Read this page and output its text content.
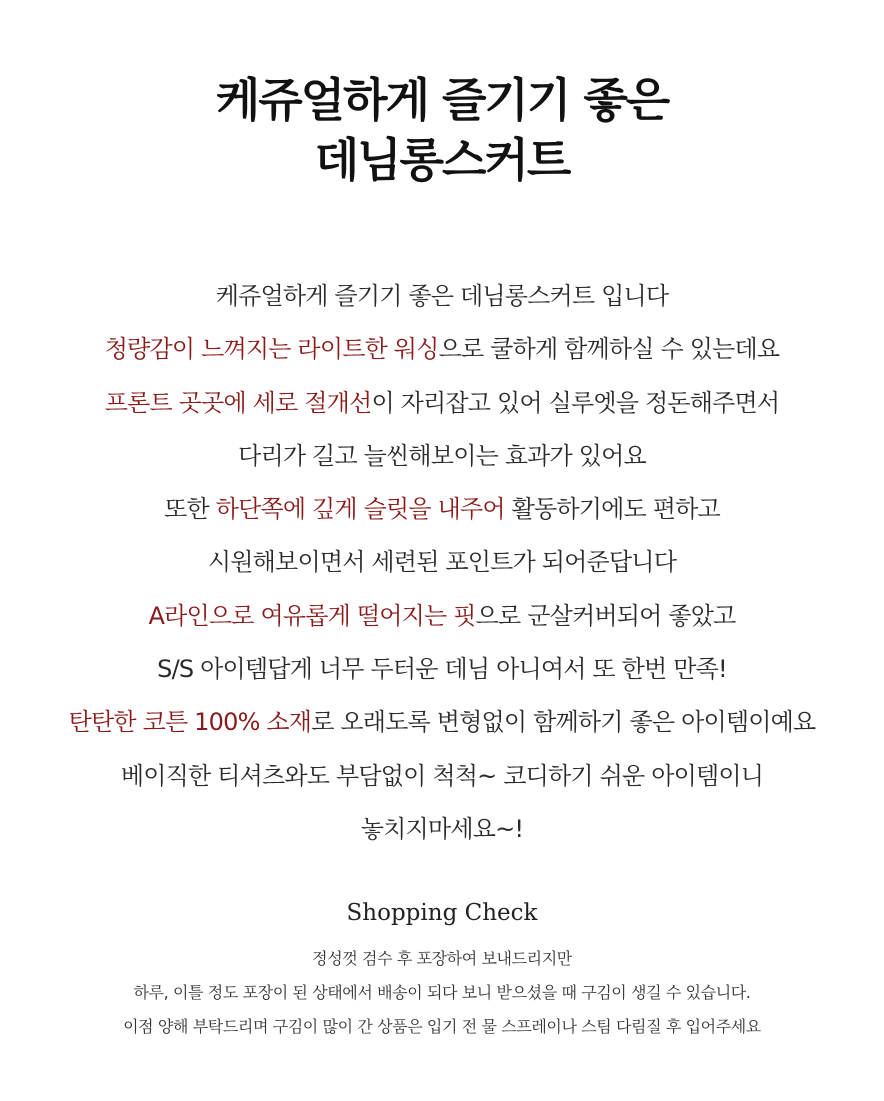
케쥬얼하게 즐기기 좋은
데님롱스커트
케쥬얼하게 즐기기 좋은 데님롱스커트 입니다
청량감이 느껴지는 라이트한 워싱으로 쿨하게 함께하실 수 있는데요
프론트 곳곳에 세로 절개선이 자리잡고 있어 실루엣을 정돈해주면서
다리가 길고 늘씬해보이는 효과가 있어요
또한 하단쪽에 깊게 슬릿을 내주어 활동하기에도 편하고
시원해보이면서 세련된 포인트가 되어준답니다
A라인으로 여유롭게 떨어지는 핏으로 군살커버되어 좋았고
S/S 아이템답게 너무 두터운 데님 아니여서 또 한번 만족!
탄탄한 코튼 100% 소재로 오래도록 변형없이 함께하기 좋은 아이템이예요
베이직한 티셔츠와도 부담없이 척척~ 코디하기 쉬운 아이템이니
놓치지마세요~!
Shopping Check
정성껏 검수 후 포장하여 보내드리지만
하루, 이틀 정도 포장이 된 상태에서 배송이 되다 보니 받으셨을 때 구김이 생길 수 있습니다.
이점 양해 부탁드리며 구김이 많이 간 상품은 입기 전 물 스프레이나 스팀 다림질 후 입어주세요
